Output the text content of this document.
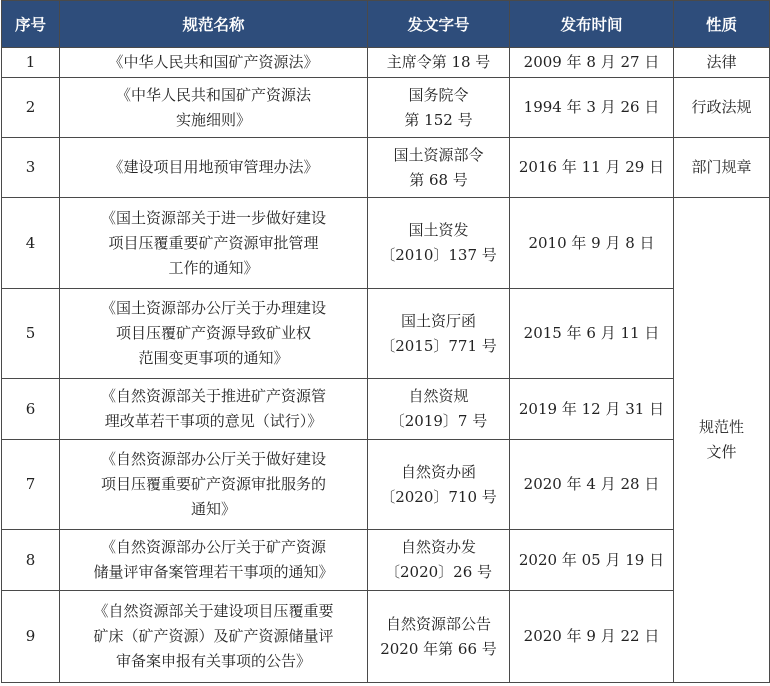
序号	规范名称	发文字号	发布时间	性质
1	《中华人民共和国矿产资源法》	主席令第 18 号	2009 年 8 月 27 日	法律
2	《中华人民共和国矿产资源法
实施细则》	国务院令
第 152 号	1994 年 3 月 26 日	行政法规
3	《建设项目用地预审管理办法》	国土资源部令
第 68 号	2016 年 11 月 29 日	部门规章
4	《国土资源部关于进一步做好建设
项目压覆重要矿产资源审批管理
工作的通知》	国土资发
〔2010〕137 号	2010 年 9 月 8 日	规范性
文件

5	《国土资源部办公厅关于办理建设
项目压覆矿产资源导致矿业权
范围变更事项的通知》	国土资厅函
〔2015〕771 号	2015 年 6 月 11 日	
6	《自然资源部关于推进矿产资源管
理改革若干事项的意见（试行）》	自然资规
〔2019〕7 号	2019 年 12 月 31 日	
7	《自然资源部办公厅关于做好建设
项目压覆重要矿产资源审批服务的
通知》	自然资办函
〔2020〕710 号	2020 年 4 月 28 日	
8	《自然资源部办公厅关于矿产资源
储量评审备案管理若干事项的通知》	自然资办发
〔2020〕26 号	2020 年 05 月 19 日	
9	《自然资源部关于建设项目压覆重要
矿床（矿产资源）及矿产资源储量评
审备案申报有关事项的公告》	自然资源部公告
2020 年第 66 号	2020 年 9 月 22 日	
